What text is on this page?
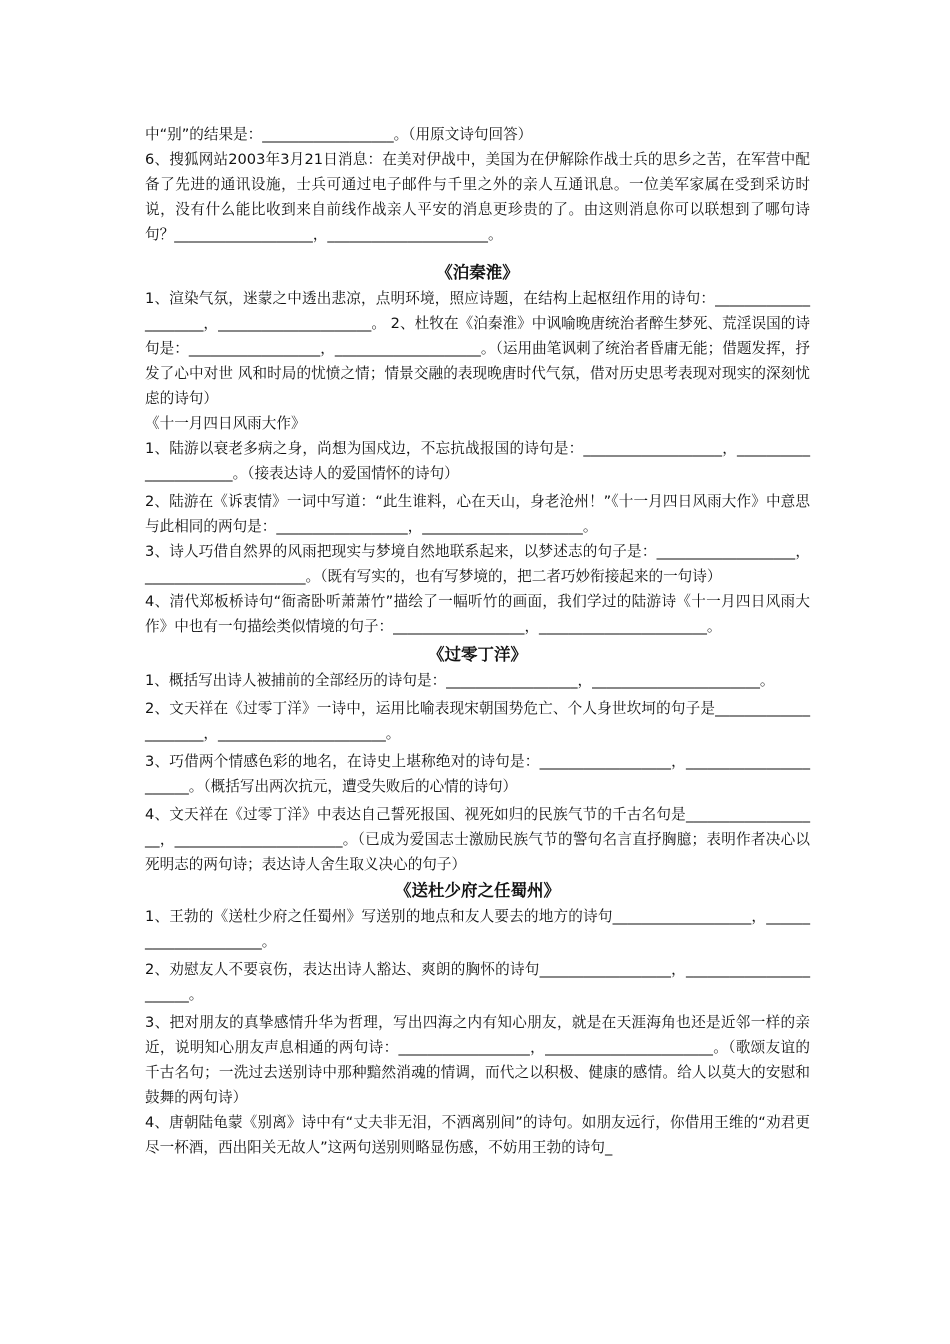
中“别”的结果是：__________________。（用原文诗句回答）

6、搜狐网站2003年3月21日消息：在美对伊战中，美国为在伊解除作战士兵的思乡之苦，在军营中配备了先进的通讯设施，士兵可通过电子邮件与千里之外的亲人互通讯息。一位美军家属在受到采访时说，没有什么能比收到来自前线作战亲人平安的消息更珍贵的了。由这则消息你可以联想到了哪句诗句？___________________，______________________。

《泊秦淮》

1、渲染气氛，迷蒙之中透出悲凉，点明环境，照应诗题，在结构上起枢纽作用的诗句：_____________________，_____________________。 2、杜牧在《泊秦淮》中讽喻晚唐统治者醉生梦死、荒淫误国的诗句是：__________________，____________________。（运用曲笔讽刺了统治者昏庸无能；借题发挥，抒发了心中对世 风和时局的忧愤之情；情景交融的表现晚唐时代气氛，借对历史思考表现对现实的深刻忧虑的诗句）

《十一月四日风雨大作》

1、陆游以衰老多病之身，尚想为国戍边，不忘抗战报国的诗句是：___________________，______________________。（接表达诗人的爱国情怀的诗句）

2、陆游在《诉衷情》一词中写道：“此生谁料，心在天山，身老沧州！”《十一月四日风雨大作》中意思与此相同的两句是：__________________，______________________。

3、诗人巧借自然界的风雨把现实与梦境自然地联系起来，以梦述志的句子是：___________________，______________________。（既有写实的，也有写梦境的，把二者巧妙衔接起来的一句诗）

4、清代郑板桥诗句“衙斋卧听萧萧竹”描绘了一幅听竹的画面，我们学过的陆游诗《十一月四日风雨大作》中也有一句描绘类似情境的句子：__________________，_______________________。

《过零丁洋》

1、概括写出诗人被捕前的全部经历的诗句是：__________________，_______________________。

2、文天祥在《过零丁洋》一诗中，运用比喻表现宋朝国势危亡、个人身世坎坷的句子是_____________________，_______________________。

3、巧借两个情感色彩的地名，在诗史上堪称绝对的诗句是：__________________，_______________________。（概括写出两次抗元，遭受失败后的心情的诗句）

4、文天祥在《过零丁洋》中表达自己誓死报国、视死如归的民族气节的千古名句是___________________，_______________________。（已成为爱国志士激励民族气节的警句名言直抒胸臆；表明作者决心以死明志的两句诗；表达诗人舍生取义决心的句子）

《送杜少府之任蜀州》

1、王勃的《送杜少府之任蜀州》写送别的地点和友人要去的地方的诗句___________________，______________________。

2、劝慰友人不要哀伤，表达出诗人豁达、爽朗的胸怀的诗句__________________，_______________________。

3、把对朋友的真挚感情升华为哲理，写出四海之内有知心朋友，就是在天涯海角也还是近邻一样的亲近，说明知心朋友声息相通的两句诗：__________________，_______________________。（歌颂友谊的千古名句；一洗过去送别诗中那种黯然消魂的情调，而代之以积极、健康的感情。给人以莫大的安慰和鼓舞的两句诗）

4、唐朝陆龟蒙《别离》诗中有“丈夫非无泪，不洒离别间”的诗句。如朋友远行，你借用王维的“劝君更尽一杯酒，西出阳关无故人”这两句送别则略显伤感，不妨用王勃的诗句_
